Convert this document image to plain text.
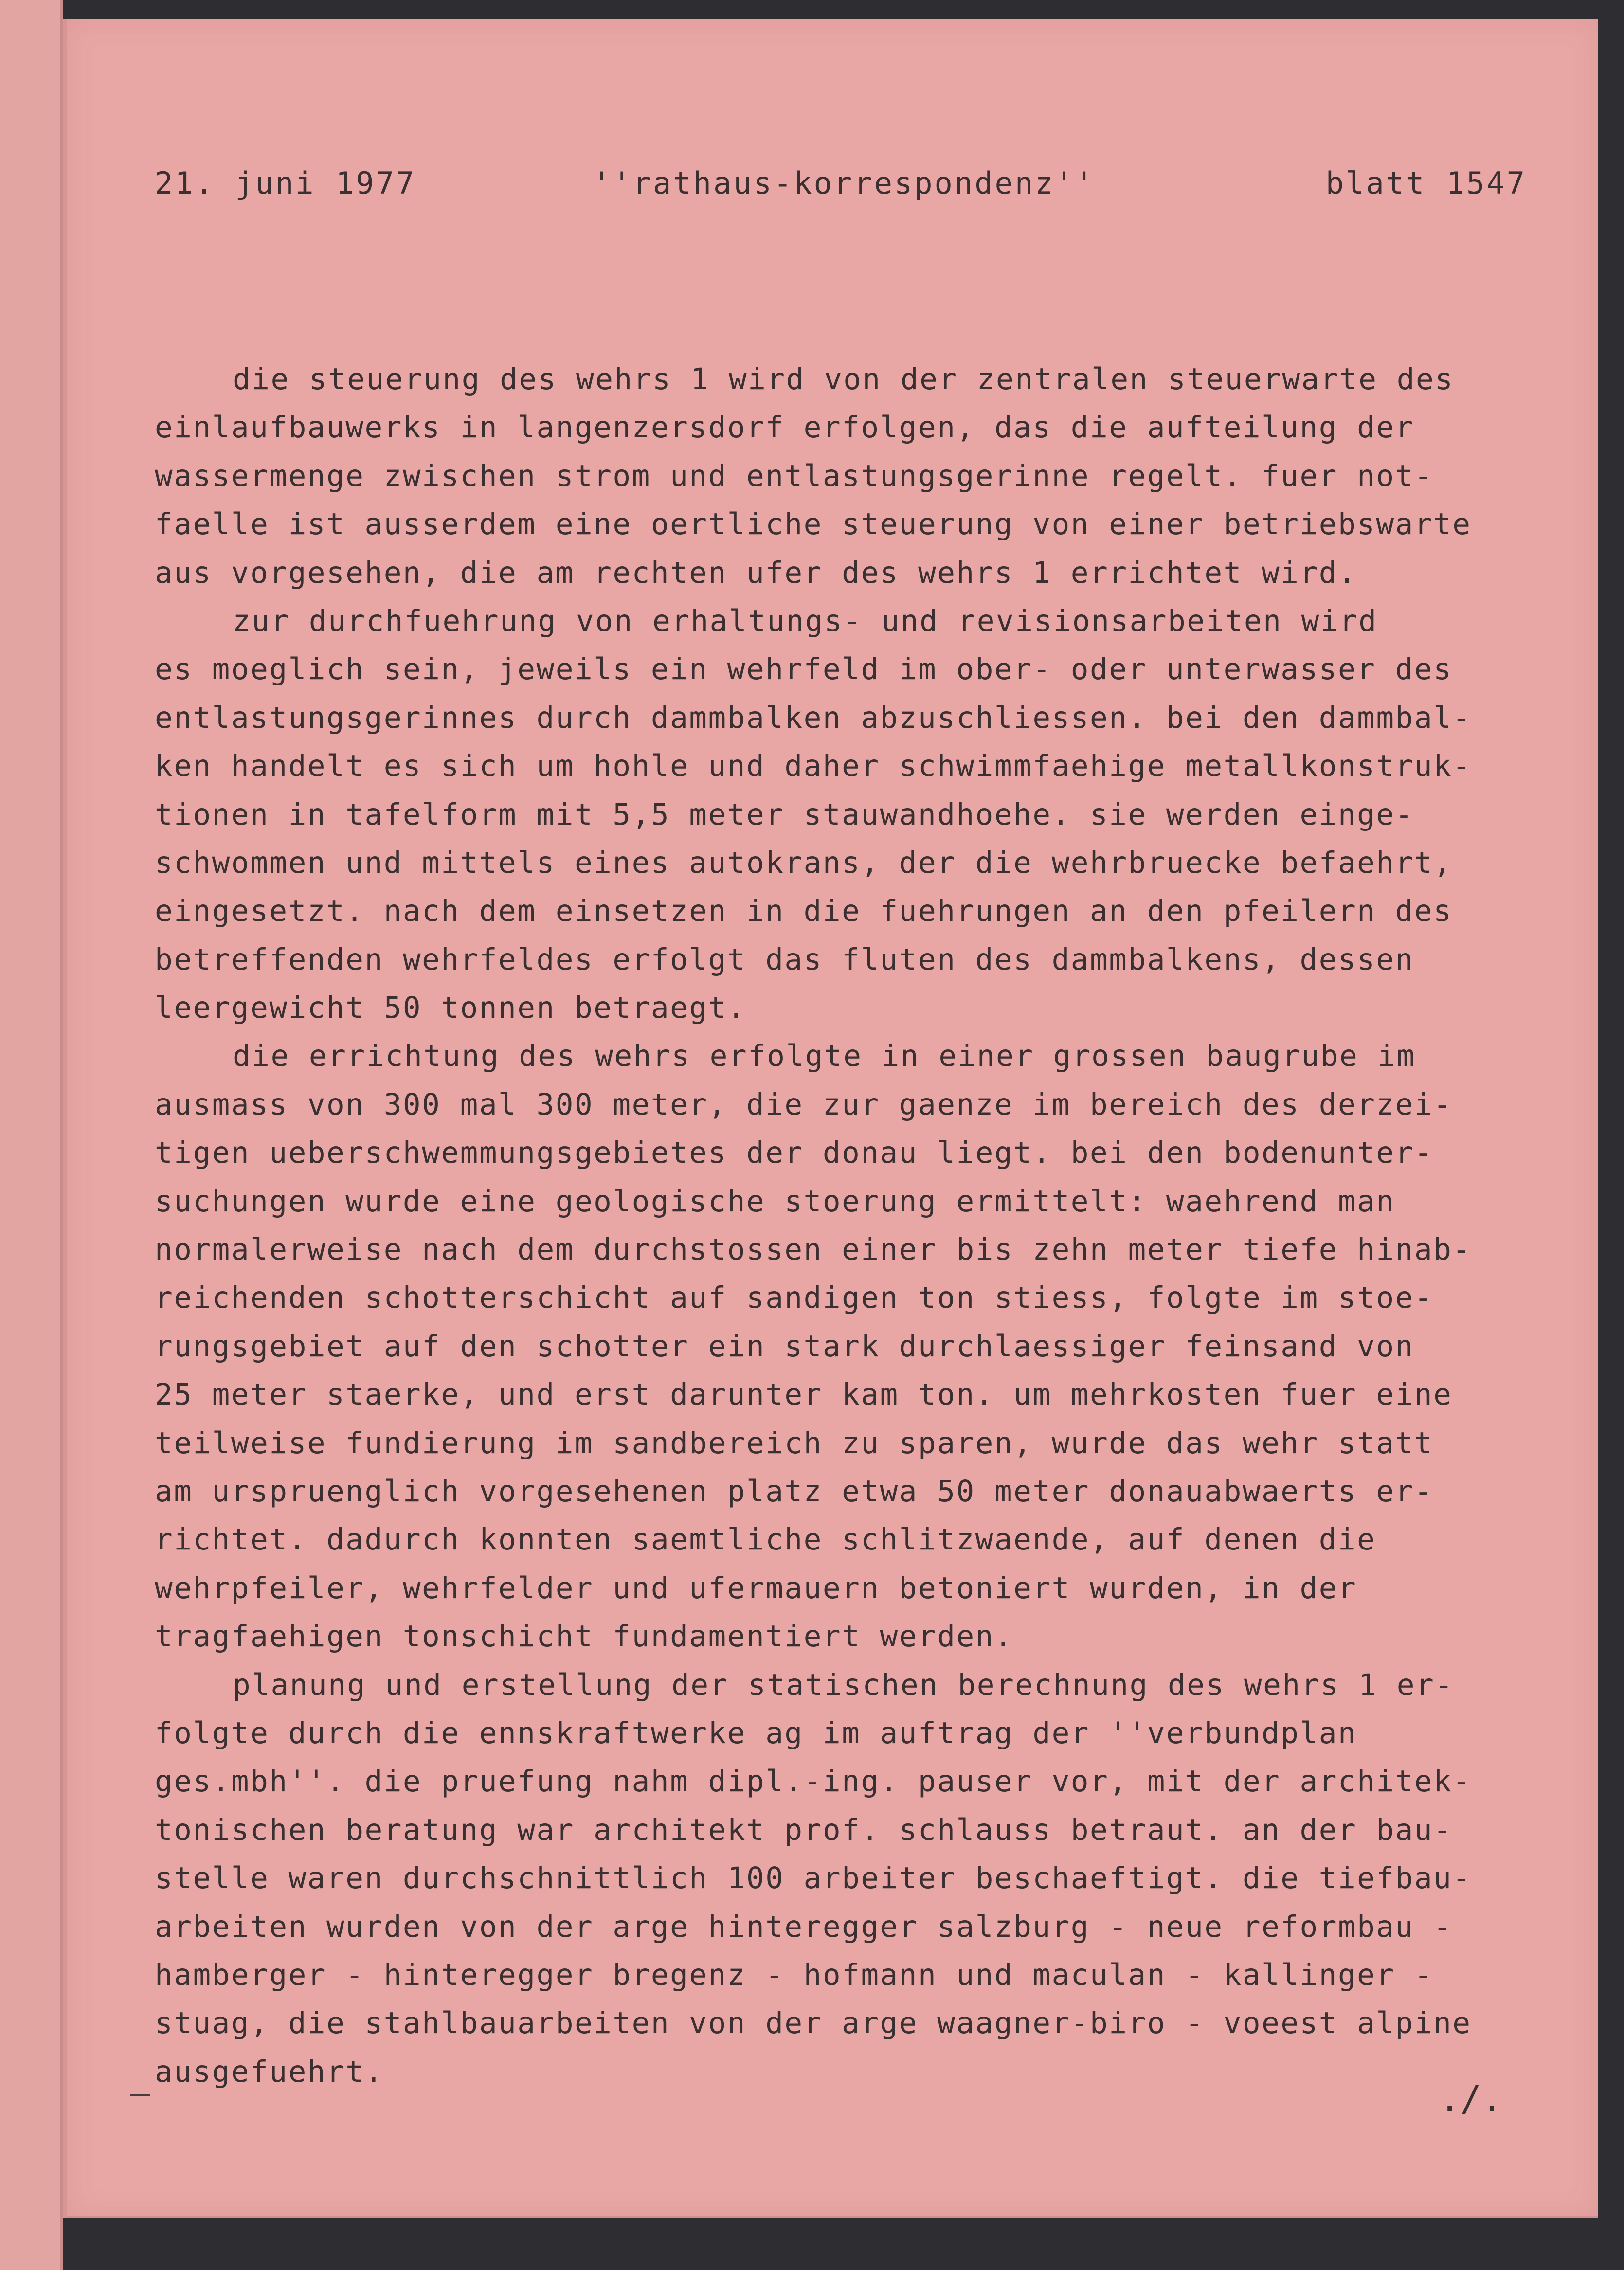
21. juni 1977	''rathaus-korrespondenz''	blatt 1547
die steuerung des wehrs 1 wird von der zentralen steuerwarte des
einlaufbauwerks in langenzersdorf erfolgen, das die aufteilung der
wassermenge zwischen strom und entlastungsgerinne regelt. fuer not-
faelle ist ausserdem eine oertliche steuerung von einer betriebswarte
aus vorgesehen, die am rechten ufer des wehrs 1 errichtet wird.
zur durchfuehrung von erhaltungs- und revisionsarbeiten wird
es moeglich sein, jeweils ein wehrfeld im ober- oder unterwasser des
entlastungsgerinnes durch dammbalken abzuschliessen. bei den dammbal-
ken handelt es sich um hohle und daher schwimmfaehige metallkonstruk-
tionen in tafelform mit 5,5 meter stauwandhoehe. sie werden einge-
schwommen und mittels eines autokrans, der die wehrbruecke befaehrt,
eingesetzt. nach dem einsetzen in die fuehrungen an den pfeilern des
betreffenden wehrfeldes erfolgt das fluten des dammbalkens, dessen
leergewicht 50 tonnen betraegt.
die errichtung des wehrs erfolgte in einer grossen baugrube im
ausmass von 300 mal 300 meter, die zur gaenze im bereich des derzei-
tigen ueberschwemmungsgebietes der donau liegt. bei den bodenunter-
suchungen wurde eine geologische stoerung ermittelt: waehrend man
normalerweise nach dem durchstossen einer bis zehn meter tiefe hinab-
reichenden schotterschicht auf sandigen ton stiess, folgte im stoe-
rungsgebiet auf den schotter ein stark durchlaessiger feinsand von
25 meter staerke, und erst darunter kam ton. um mehrkosten fuer eine
teilweise fundierung im sandbereich zu sparen, wurde das wehr statt
am urspruenglich vorgesehenen platz etwa 50 meter donauabwaerts er-
richtet. dadurch konnten saemtliche schlitzwaende, auf denen die
wehrpfeiler, wehrfelder und ufermauern betoniert wurden, in der
tragfaehigen tonschicht fundamentiert werden.
planung und erstellung der statischen berechnung des wehrs 1 er-
folgte durch die ennskraftwerke ag im auftrag der ''verbundplan
ges.mbh''. die pruefung nahm dipl.-ing. pauser vor, mit der architek-
tonischen beratung war architekt prof. schlauss betraut. an der bau-
stelle waren durchschnittlich 100 arbeiter beschaeftigt. die tiefbau-
arbeiten wurden von der arge hinteregger salzburg - neue reformbau -
hamberger - hinteregger bregenz - hofmann und maculan - kallinger -
stuag, die stahlbauarbeiten von der arge waagner-biro - voeest alpine
ausgefuehrt.
./.
